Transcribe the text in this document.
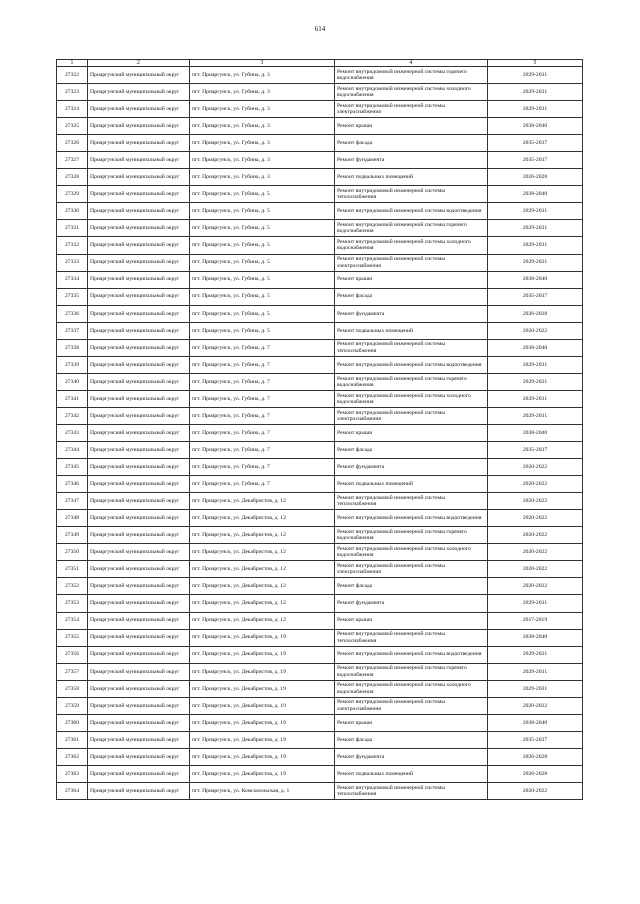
614
1	2	3	4	5
27322	Приаргунский муниципальный округ	пгт. Приаргунск, ул. Губина, д. 3	Ремонт внутридомовой инженерной системы горячего водоснабжения	2029-2031
27323	Приаргунский муниципальный округ	пгт. Приаргунск, ул. Губина, д. 3	Ремонт внутридомовой инженерной системы холодного водоснабжения	2029-2031
27324	Приаргунский муниципальный округ	пгт. Приаргунск, ул. Губина, д. 3	Ремонт внутридомовой инженерной системы электроснабжения	2029-2031
27325	Приаргунский муниципальный округ	пгт. Приаргунск, ул. Губина, д. 3	Ремонт крыши	2038-2040
27326	Приаргунский муниципальный округ	пгт. Приаргунск, ул. Губина, д. 3	Ремонт фасада	2035-2037
27327	Приаргунский муниципальный округ	пгт. Приаргунск, ул. Губина, д. 3	Ремонт фундамента	2035-2037
27328	Приаргунский муниципальный округ	пгт. Приаргунск, ул. Губина, д. 3	Ремонт подвальных помещений	2026-2028
27329	Приаргунский муниципальный округ	пгт. Приаргунск, ул. Губина, д. 5	Ремонт внутридомовой инженерной системы теплоснабжения	2038-2040
27330	Приаргунский муниципальный округ	пгт. Приаргунск, ул. Губина, д. 5	Ремонт внутридомовой инженерной системы водоотведения	2029-2031
27331	Приаргунский муниципальный округ	пгт. Приаргунск, ул. Губина, д. 5	Ремонт внутридомовой инженерной системы горячего водоснабжения	2029-2031
27332	Приаргунский муниципальный округ	пгт. Приаргунск, ул. Губина, д. 5	Ремонт внутридомовой инженерной системы холодного водоснабжения	2029-2031
27333	Приаргунский муниципальный округ	пгт. Приаргунск, ул. Губина, д. 5	Ремонт внутридомовой инженерной системы электроснабжения	2029-2031
27334	Приаргунский муниципальный округ	пгт. Приаргунск, ул. Губина, д. 5	Ремонт крыши	2038-2040
27335	Приаргунский муниципальный округ	пгт. Приаргунск, ул. Губина, д. 5	Ремонт фасада	2035-2037
27336	Приаргунский муниципальный округ	пгт. Приаргунск, ул. Губина, д. 5	Ремонт фундамента	2026-2028
27337	Приаргунский муниципальный округ	пгт. Приаргунск, ул. Губина, д. 5	Ремонт подвальных помещений	2020-2022
27338	Приаргунский муниципальный округ	пгт. Приаргунск, ул. Губина, д. 7	Ремонт внутридомовой инженерной системы теплоснабжения	2038-2040
27339	Приаргунский муниципальный округ	пгт. Приаргунск, ул. Губина, д. 7	Ремонт внутридомовой инженерной системы водоотведения	2029-2031
27340	Приаргунский муниципальный округ	пгт. Приаргунск, ул. Губина, д. 7	Ремонт внутридомовой инженерной системы горячего водоснабжения	2029-2031
27341	Приаргунский муниципальный округ	пгт. Приаргунск, ул. Губина, д. 7	Ремонт внутридомовой инженерной системы холодного водоснабжения	2029-2031
27342	Приаргунский муниципальный округ	пгт. Приаргунск, ул. Губина, д. 7	Ремонт внутридомовой инженерной системы электроснабжения	2029-2031
27343	Приаргунский муниципальный округ	пгт. Приаргунск, ул. Губина, д. 7	Ремонт крыши	2038-2040
27344	Приаргунский муниципальный округ	пгт. Приаргунск, ул. Губина, д. 7	Ремонт фасада	2035-2037
27345	Приаргунский муниципальный округ	пгт. Приаргунск, ул. Губина, д. 7	Ремонт фундамента	2020-2022
27346	Приаргунский муниципальный округ	пгт. Приаргунск, ул. Губина, д. 7	Ремонт подвальных помещений	2020-2022
27347	Приаргунский муниципальный округ	пгт. Приаргунск, ул. Декабристов, д. 12	Ремонт внутридомовой инженерной системы теплоснабжения	2020-2022
27348	Приаргунский муниципальный округ	пгт. Приаргунск, ул. Декабристов, д. 12	Ремонт внутридомовой инженерной системы водоотведения	2020-2022
27349	Приаргунский муниципальный округ	пгт. Приаргунск, ул. Декабристов, д. 12	Ремонт внутридомовой инженерной системы горячего водоснабжения	2020-2022
27350	Приаргунский муниципальный округ	пгт. Приаргунск, ул. Декабристов, д. 12	Ремонт внутридомовой инженерной системы холодного водоснабжения	2020-2022
27351	Приаргунский муниципальный округ	пгт. Приаргунск, ул. Декабристов, д. 12	Ремонт внутридомовой инженерной системы электроснабжения	2020-2022
27352	Приаргунский муниципальный округ	пгт. Приаргунск, ул. Декабристов, д. 12	Ремонт фасада	2020-2022
27353	Приаргунский муниципальный округ	пгт. Приаргунск, ул. Декабристов, д. 12	Ремонт фундамента	2029-2031
27354	Приаргунский муниципальный округ	пгт. Приаргунск, ул. Декабристов, д. 12	Ремонт крыши	2017-2019
27355	Приаргунский муниципальный округ	пгт. Приаргунск, ул. Декабристов, д. 19	Ремонт внутридомовой инженерной системы теплоснабжения	2038-2040
27356	Приаргунский муниципальный округ	пгт. Приаргунск, ул. Декабристов, д. 19	Ремонт внутридомовой инженерной системы водоотведения	2029-2031
27357	Приаргунский муниципальный округ	пгт. Приаргунск, ул. Декабристов, д. 19	Ремонт внутридомовой инженерной системы горячего водоснабжения	2029-2031
27358	Приаргунский муниципальный округ	пгт. Приаргунск, ул. Декабристов, д. 19	Ремонт внутридомовой инженерной системы холодного водоснабжения	2029-2031
27359	Приаргунский муниципальный округ	пгт. Приаргунск, ул. Декабристов, д. 19	Ремонт внутридомовой инженерной системы электроснабжения	2020-2022
27360	Приаргунский муниципальный округ	пгт. Приаргунск, ул. Декабристов, д. 19	Ремонт крыши	2038-2040
27361	Приаргунский муниципальный округ	пгт. Приаргунск, ул. Декабристов, д. 19	Ремонт фасада	2035-2037
27362	Приаргунский муниципальный округ	пгт. Приаргунск, ул. Декабристов, д. 19	Ремонт фундамента	2026-2028
27363	Приаргунский муниципальный округ	пгт. Приаргунск, ул. Декабристов, д. 19	Ремонт подвальных помещений	2026-2028
27364	Приаргунский муниципальный округ	пгт. Приаргунск, ул. Комсомольская, д. 1	Ремонт внутридомовой инженерной системы теплоснабжения	2020-2022
